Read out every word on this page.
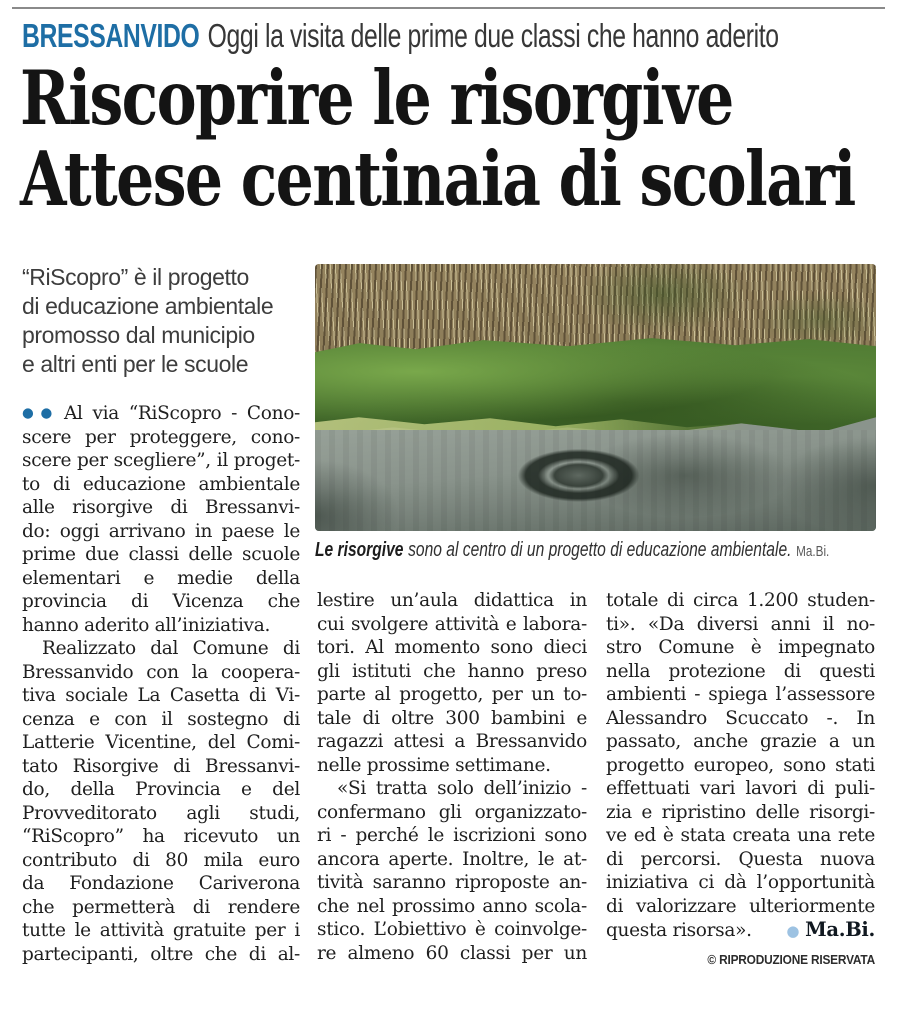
BRESSANVIDO Oggi la visita delle prime due classi che hanno aderito
Riscoprire le risorgive
Attese centinaia di scolari
“RiScopro” è il progetto
di educazione ambientale
promosso dal municipio
e altri enti per le scuole
Le risorgive sono al centro di un progetto di educazione ambientale. Ma.Bi.
●● Al via “RiScopro - Cono-
scere per proteggere, cono-
scere per scegliere”, il proget-
to di educazione ambientale
alle risorgive di Bressanvi-
do: oggi arrivano in paese le
prime due classi delle scuole
elementari e medie della
provincia di Vicenza che
hanno aderito all’iniziativa.
Realizzato dal Comune di
Bressanvido con la coopera-
tiva sociale La Casetta di Vi-
cenza e con il sostegno di
Latterie Vicentine, del Comi-
tato Risorgive di Bressanvi-
do, della Provincia e del
Provveditorato agli studi,
“RiScopro” ha ricevuto un
contributo di 80 mila euro
da Fondazione Cariverona
che permetterà di rendere
tutte le attività gratuite per i
partecipanti, oltre che di al-
lestire un’aula didattica in
cui svolgere attività e labora-
tori. Al momento sono dieci
gli istituti che hanno preso
parte al progetto, per un to-
tale di oltre 300 bambini e
ragazzi attesi a Bressanvido
nelle prossime settimane.
«Si tratta solo dell’inizio -
confermano gli organizzato-
ri - perché le iscrizioni sono
ancora aperte. Inoltre, le at-
tività saranno riproposte an-
che nel prossimo anno scola-
stico. L’obiettivo è coinvolge-
re almeno 60 classi per un
totale di circa 1.200 studen-
ti». «Da diversi anni il no-
stro Comune è impegnato
nella protezione di questi
ambienti - spiega l’assessore
Alessandro Scuccato -. In
passato, anche grazie a un
progetto europeo, sono stati
effettuati vari lavori di puli-
zia e ripristino delle risorgi-
ve ed è stata creata una rete
di percorsi. Questa nuova
iniziativa ci dà l’opportunità
di valorizzare ulteriormente
questa risorsa». ● Ma.Bi.
© RIPRODUZIONE RISERVATA
